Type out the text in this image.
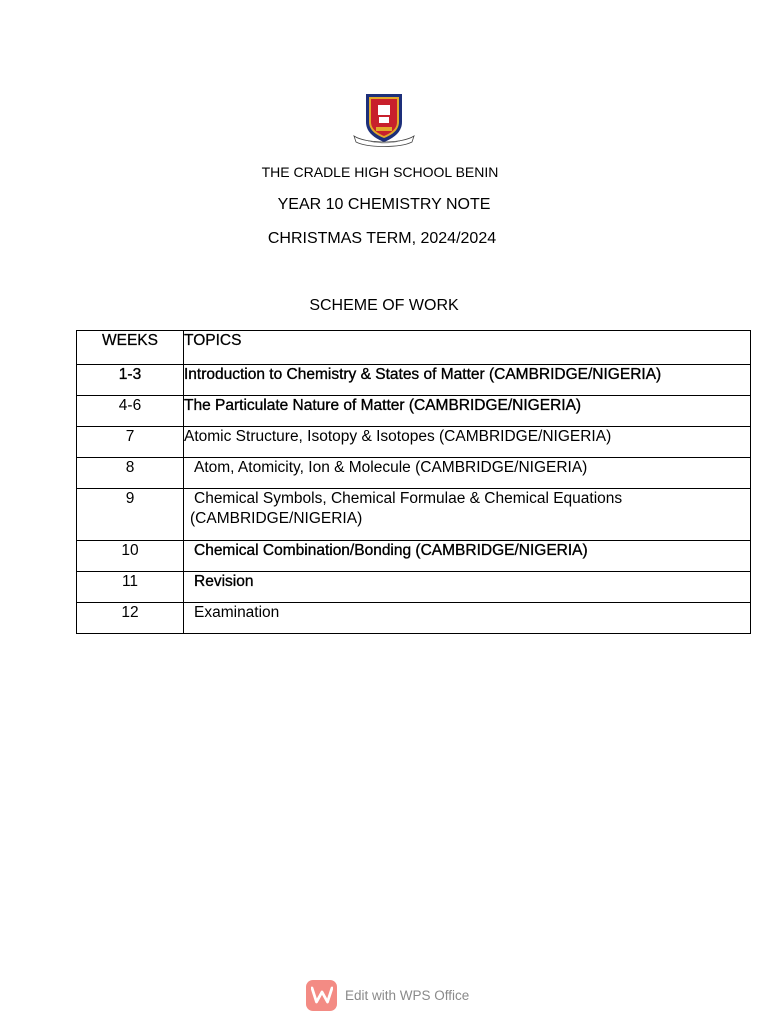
THE CRADLE HIGH SCHOOL BENIN
YEAR 10 CHEMISTRY NOTE
CHRISTMAS TERM, 2024/2024
SCHEME OF WORK
WEEKS	TOPICS
1-3	Introduction to Chemistry & States of Matter (CAMBRIDGE/NIGERIA)
4-6	The Particulate Nature of Matter (CAMBRIDGE/NIGERIA)
7	Atomic Structure, Isotopy & Isotopes (CAMBRIDGE/NIGERIA)
8	Atom, Atomicity, Ion & Molecule (CAMBRIDGE/NIGERIA)
9	Chemical Symbols, Chemical Formulae & Chemical Equations
(CAMBRIDGE/NIGERIA)

10	Chemical Combination/Bonding (CAMBRIDGE/NIGERIA)
11	Revision
12	Examination
Edit with WPS Office
